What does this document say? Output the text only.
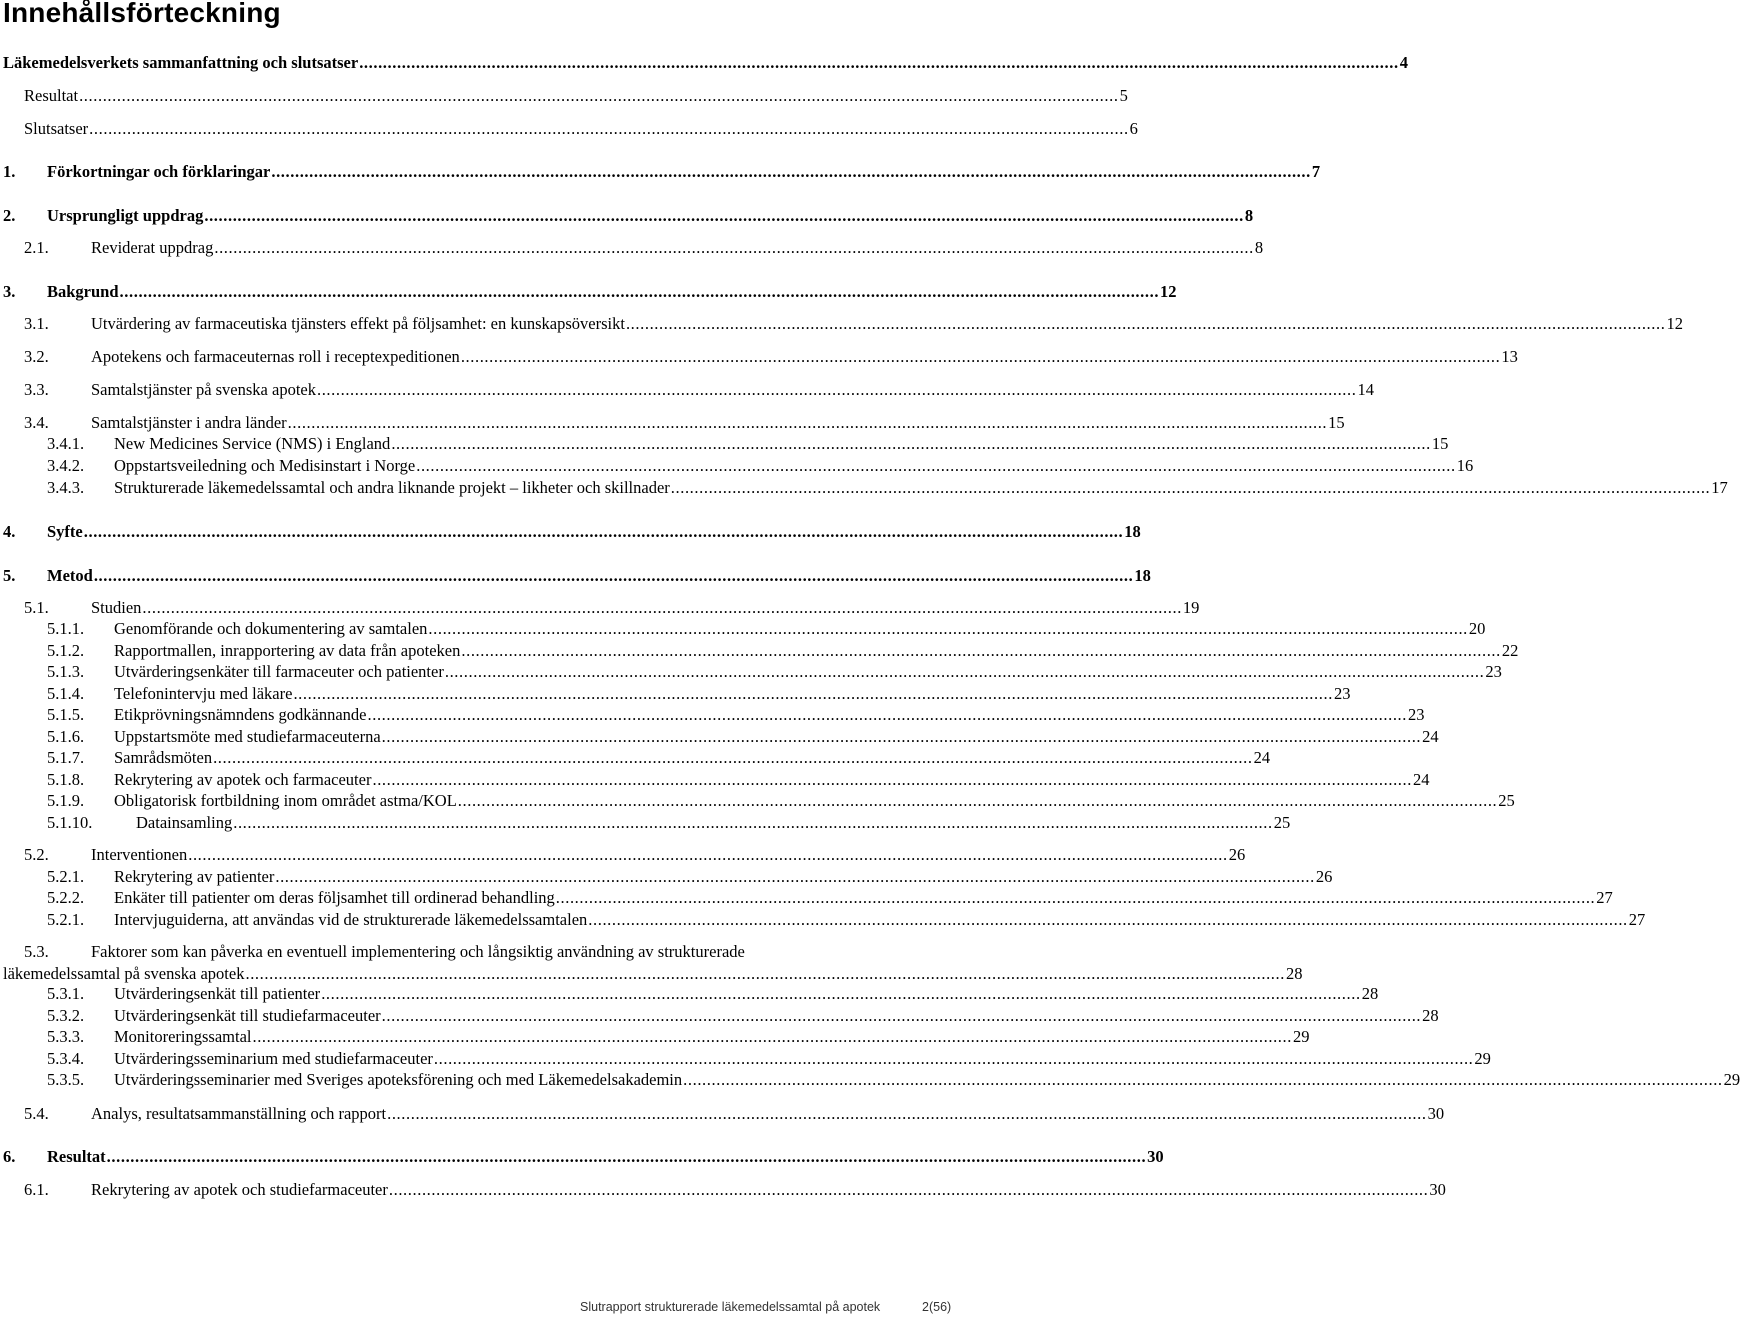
Innehållsförteckning
Läkemedelsverkets sammanfattning och slutsatser ............................................................................................................................................................................................................................ 4
Resultat ............................................................................................................................................................................................................................ 5
Slutsatser ............................................................................................................................................................................................................................ 6
1. Förkortningar och förklaringar ............................................................................................................................................................................................................................ 7
2. Ursprungligt uppdrag ............................................................................................................................................................................................................................ 8
2.1.	Reviderat uppdrag ............................................................................................................................................................................................................................ 8
3. Bakgrund ............................................................................................................................................................................................................................ 12
3.1.	Utvärdering av farmaceutiska tjänsters effekt på följsamhet: en kunskapsöversikt ............................................................................................................................................................................................................................ 12
3.2.	Apotekens och farmaceuternas roll i receptexpeditionen ............................................................................................................................................................................................................................ 13
3.3.	Samtalstjänster på svenska apotek ............................................................................................................................................................................................................................ 14
3.4.	Samtalstjänster i andra länder ............................................................................................................................................................................................................................ 15
3.4.1. New Medicines Service (NMS) i England ............................................................................................................................................................................................................................ 15
3.4.2. Oppstartsveiledning och Medisinstart i Norge ............................................................................................................................................................................................................................ 16
3.4.3. Strukturerade läkemedelssamtal och andra liknande projekt – likheter och skillnader ............................................................................................................................................................................................................................ 17
4. Syfte ............................................................................................................................................................................................................................ 18
5. Metod ............................................................................................................................................................................................................................ 18
5.1.	Studien ............................................................................................................................................................................................................................ 19
5.1.1. Genomförande och dokumentering av samtalen ............................................................................................................................................................................................................................ 20
5.1.2. Rapportmallen, inrapportering av data från apoteken ............................................................................................................................................................................................................................ 22
5.1.3. Utvärderingsenkäter till farmaceuter och patienter ............................................................................................................................................................................................................................ 23
5.1.4. Telefonintervju med läkare ............................................................................................................................................................................................................................ 23
5.1.5. Etikprövningsnämndens godkännande ............................................................................................................................................................................................................................ 23
5.1.6. Uppstartsmöte med studiefarmaceuterna ............................................................................................................................................................................................................................ 24
5.1.7. Samrådsmöten ............................................................................................................................................................................................................................ 24
5.1.8. Rekrytering av apotek och farmaceuter ............................................................................................................................................................................................................................ 24
5.1.9. Obligatorisk fortbildning inom området astma/KOL ............................................................................................................................................................................................................................ 25
5.1.10.	Datainsamling ............................................................................................................................................................................................................................ 25
5.2.	Interventionen ............................................................................................................................................................................................................................ 26
5.2.1. Rekrytering av patienter ............................................................................................................................................................................................................................ 26
5.2.2. Enkäter till patienter om deras följsamhet till ordinerad behandling ............................................................................................................................................................................................................................ 27
5.2.1. Intervjuguiderna, att användas vid de strukturerade läkemedelssamtalen ............................................................................................................................................................................................................................ 27
5.3.	Faktorer som kan påverka en eventuell implementering och långsiktig användning av strukturerade
läkemedelssamtal på svenska apotek ............................................................................................................................................................................................................................ 28
5.3.1. Utvärderingsenkät till patienter ............................................................................................................................................................................................................................ 28
5.3.2. Utvärderingsenkät till studiefarmaceuter ............................................................................................................................................................................................................................ 28
5.3.3. Monitoreringssamtal ............................................................................................................................................................................................................................ 29
5.3.4. Utvärderingsseminarium med studiefarmaceuter ............................................................................................................................................................................................................................ 29
5.3.5. Utvärderingsseminarier med Sveriges apoteksförening och med Läkemedelsakademin ............................................................................................................................................................................................................................ 29
5.4.	Analys, resultatsammanställning och rapport ............................................................................................................................................................................................................................ 30
6. Resultat ............................................................................................................................................................................................................................ 30
6.1.	Rekrytering av apotek och studiefarmaceuter ............................................................................................................................................................................................................................ 30
Slutrapport strukturerade läkemedelssamtal på apotek	2(56)
